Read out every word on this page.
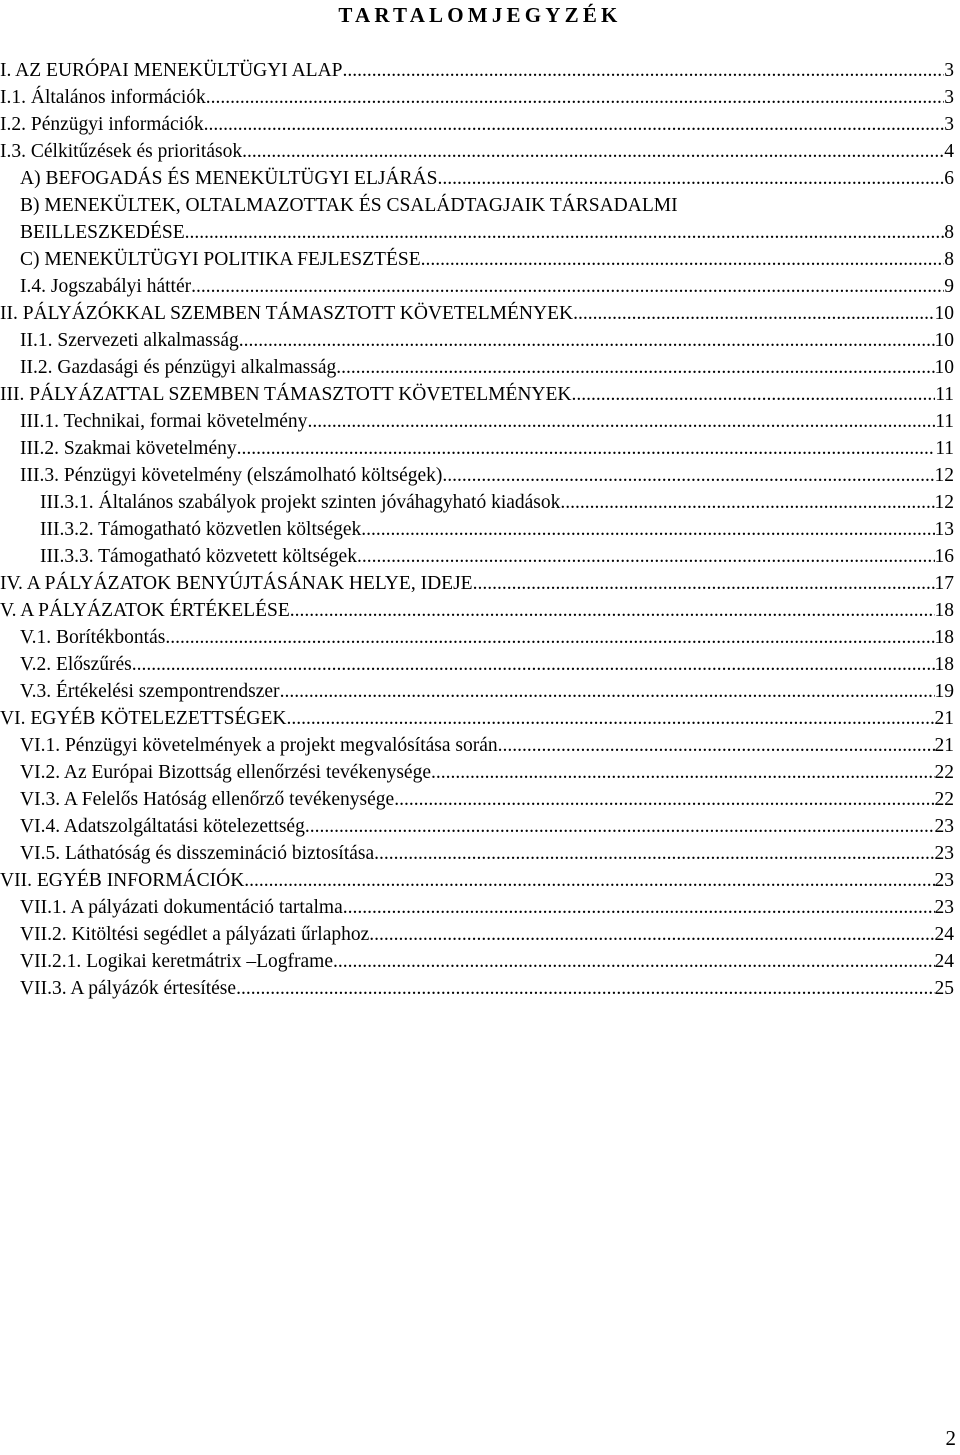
TARTALOMJEGYZÉK
I. AZ EURÓPAI MENEKÜLTÜGYI ALAP .....	3
I.1. Általános információk .....	3
I.2. Pénzügyi információk .....	3
I.3. Célkitűzések és prioritások .....	4
A) BEFOGADÁS ÉS MENEKÜLTÜGYI ELJÁRÁS .....	6
B) MENEKÜLTEK, OLTALMAZOTTAK ÉS CSALÁDTAGJAIK TÁRSADALMI
BEILLESZKEDÉSE .....	8
C) MENEKÜLTÜGYI POLITIKA FEJLESZTÉSE .....	8
I.4. Jogszabályi háttér .....	9
II. PÁLYÁZÓKKAL SZEMBEN TÁMASZTOTT KÖVETELMÉNYEK .....	10
II.1. Szervezeti alkalmasság .....	10
II.2. Gazdasági és pénzügyi alkalmasság .....	10
III. PÁLYÁZATTAL SZEMBEN TÁMASZTOTT KÖVETELMÉNYEK .....	11
III.1. Technikai, formai követelmény .....	11
III.2. Szakmai követelmény .....	11
III.3. Pénzügyi követelmény (elszámolható költségek) .....	12
III.3.1. Általános szabályok projekt szinten jóváhagyható kiadások .....	12
III.3.2. Támogatható közvetlen költségek .....	13
III.3.3. Támogatható közvetett költségek .....	16
IV. A PÁLYÁZATOK BENYÚJTÁSÁNAK HELYE, IDEJE .....	17
V. A PÁLYÁZATOK ÉRTÉKELÉSE .....	18
V.1. Borítékbontás .....	18
V.2. Előszűrés .....	18
V.3. Értékelési szempontrendszer .....	19
VI. EGYÉB KÖTELEZETTSÉGEK .....	21
VI.1. Pénzügyi követelmények a projekt megvalósítása során .....	21
VI.2. Az Európai Bizottság ellenőrzési tevékenysége .....	22
VI.3. A Felelős Hatóság ellenőrző tevékenysége .....	22
VI.4. Adatszolgáltatási kötelezettség .....	23
VI.5. Láthatóság és disszemináció biztosítása .....	23
VII. EGYÉB INFORMÁCIÓK .....	23
VII.1. A pályázati dokumentáció tartalma .....	23
VII.2. Kitöltési segédlet a pályázati űrlaphoz .....	24
VII.2.1. Logikai keretmátrix –Logframe .....	24
VII.3. A pályázók értesítése .....	25
2
